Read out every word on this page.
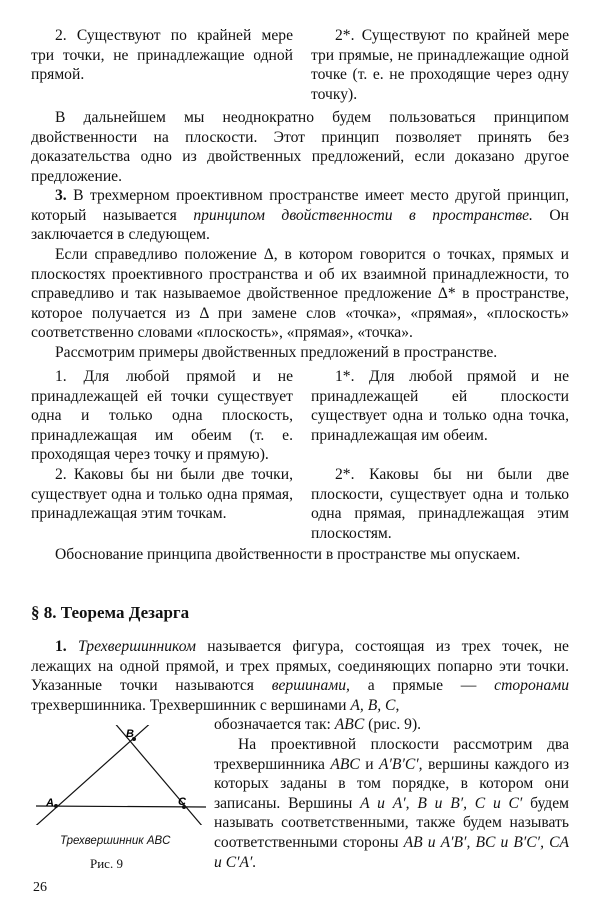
2. Существуют по крайней мере три точки, не принадлежащие одной прямой.

2*. Существуют по крайней мере три прямые, не принадлежащие одной точке (т. е. не проходящие через одну точку).

В дальнейшем мы неоднократно будем пользоваться принципом двойственности на плоскости. Этот принцип позволяет принять без доказательства одно из двойственных предложений, если доказано другое предложение.

3. В трехмерном проективном пространстве имеет место другой принцип, который называется принципом двойственности в пространстве. Он заключается в следующем.

Если справедливо положение Δ, в котором говорится о точках, прямых и плоскостях проективного пространства и об их взаимной принадлежности, то справедливо и так называемое двойственное предложение Δ* в пространстве, которое получается из Δ при замене слов «точка», «прямая», «плоскость» соответственно словами «плоскость», «прямая», «точка».

Рассмотрим примеры двойственных предложений в пространстве.

1. Для любой прямой и не принадлежащей ей точки существует одна и только одна плоскость, принадлежащая им обеим (т. е. проходящая через точку и прямую).

1*. Для любой прямой и не принадлежащей ей плоскости существует одна и только одна точка, принадлежащая им обеим.

2. Каковы бы ни были две точки, существует одна и только одна прямая, принадлежащая этим точкам.

2*. Каковы бы ни были две плоскости, существует одна и только одна прямая, принадлежащая этим плоскостям.

Обоснование принципа двойственности в пространстве мы опускаем.

§ 8. Теорема Дезарга

1. Трехвершинником называется фигура, состоящая из трех точек, не лежащих на одной прямой, и трех прямых, соединяющих попарно эти точки. Указанные точки называются вершинами, а прямые — сторонами трехвершинника. Трехвершинник с вершинами A, B, C,

обозначается так: ABC (рис. 9).

На проективной плоскости рассмотрим два трехвершинника ABC и A′B′C′, вершины каждого из которых заданы в том порядке, в котором они записаны. Вершины A и A′, B и B′, C и C′ будем называть соответственными, также будем называть соответственными стороны AB и A′B′, BC и B′C′, CA и C′A′.

A
B
C
Трехвершинник ABC
Рис. 9
26
